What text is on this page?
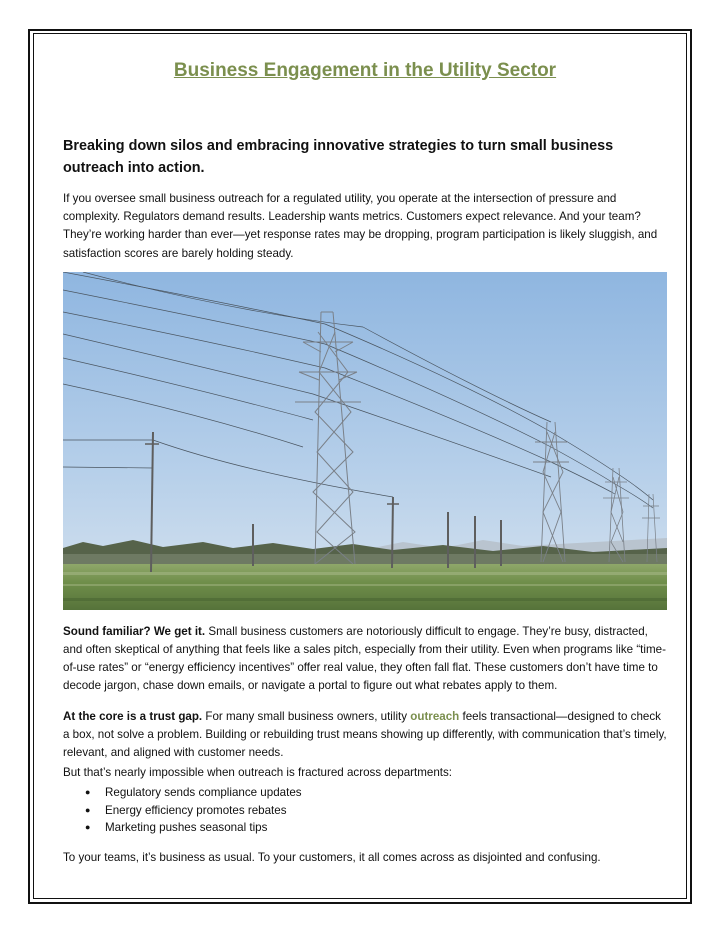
Business Engagement in the Utility Sector
Breaking down silos and embracing innovative strategies to turn small business outreach into action.

If you oversee small business outreach for a regulated utility, you operate at the intersection of pressure and complexity. Regulators demand results. Leadership wants metrics. Customers expect relevance. And your team? They’re working harder than ever—yet response rates may be dropping, program participation is likely sluggish, and satisfaction scores are barely holding steady.

Sound familiar? We get it. Small business customers are notoriously difficult to engage. They’re busy, distracted, and often skeptical of anything that feels like a sales pitch, especially from their utility. Even when programs like “time-of-use rates” or “energy efficiency incentives” offer real value, they often fall flat. These customers don’t have time to decode jargon, chase down emails, or navigate a portal to figure out what rebates apply to them.

At the core is a trust gap. For many small business owners, utility outreach feels transactional—designed to check a box, not solve a problem. Building or rebuilding trust means showing up differently, with communication that’s timely, relevant, and aligned with customer needs.

But that’s nearly impossible when outreach is fractured across departments:

● Regulatory sends compliance updates
● Energy efficiency promotes rebates
● Marketing pushes seasonal tips

To your teams, it’s business as usual. To your customers, it all comes across as disjointed and confusing.
